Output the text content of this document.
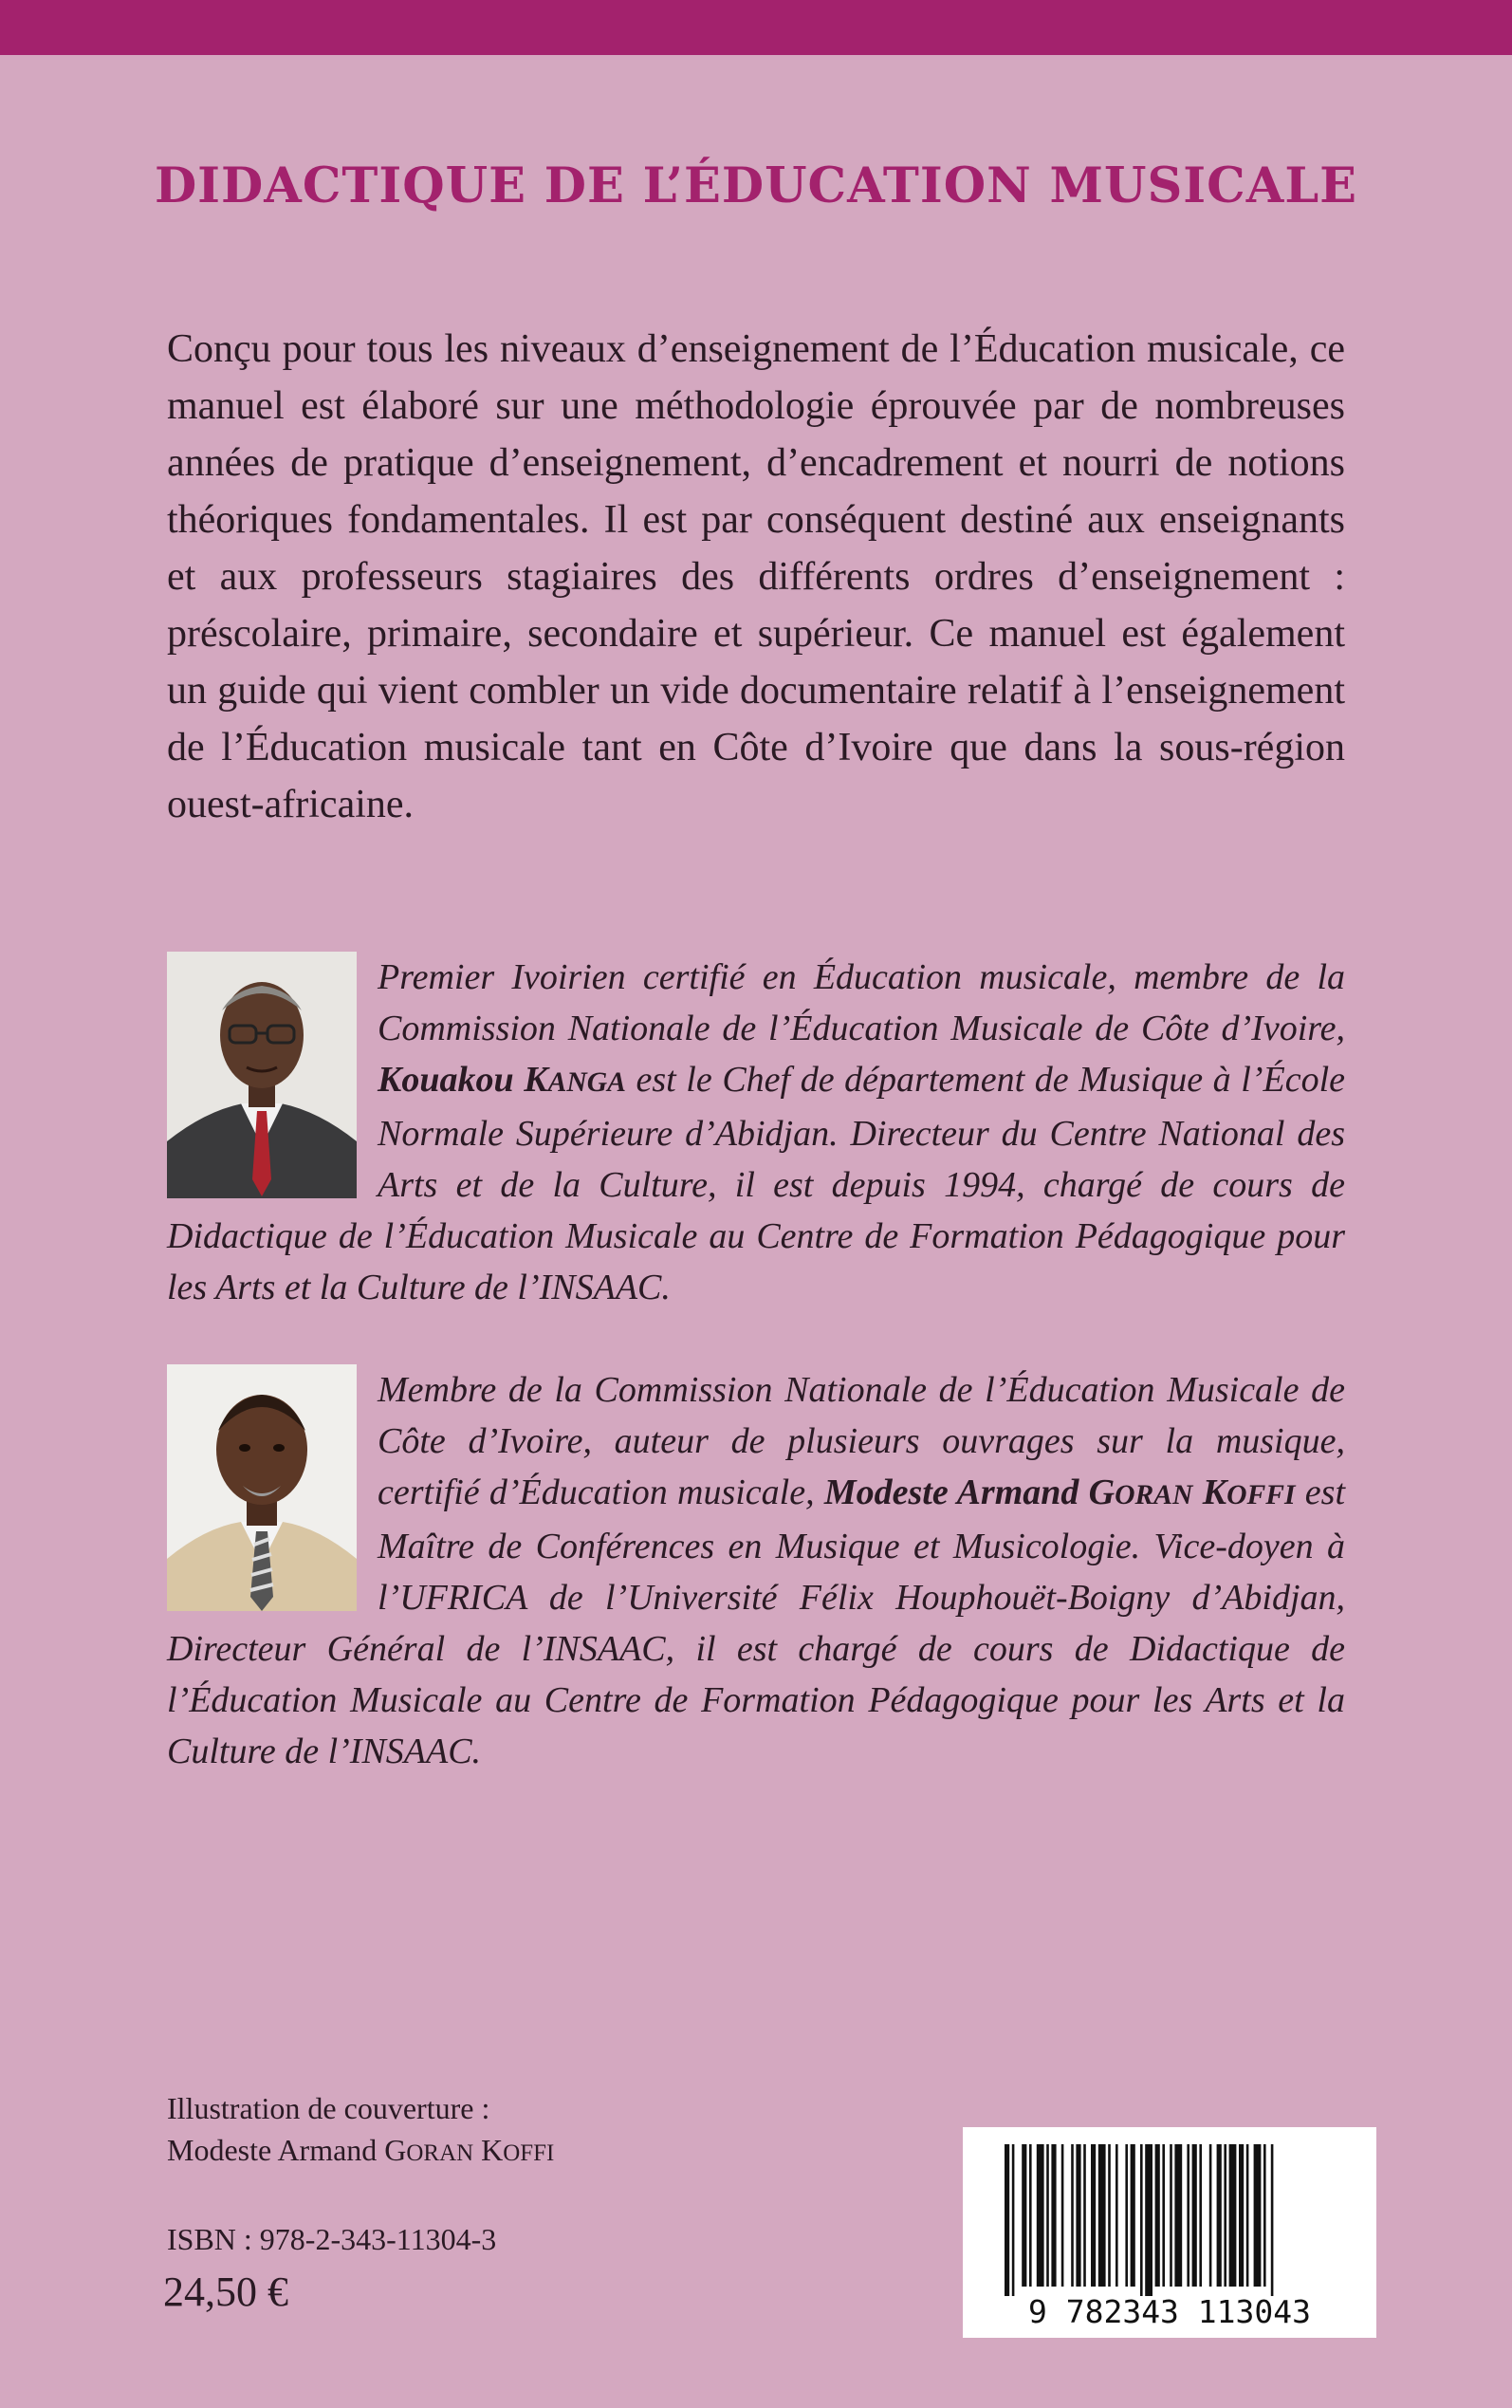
DIDACTIQUE DE L’ÉDUCATION MUSICALE

Conçu pour tous les niveaux d’enseignement de l’Éducation musicale, ce manuel est élaboré sur une méthodologie éprouvée par de nombreuses années de pratique d’enseignement, d’encadrement et nourri de notions théoriques fondamentales. Il est par conséquent destiné aux enseignants et aux professeurs stagiaires des différents ordres d’enseignement : préscolaire, primaire, secondaire et supérieur. Ce manuel est également un guide qui vient combler un vide documentaire relatif à l’enseignement de l’Éducation musicale tant en Côte d’Ivoire que dans la sous-région ouest-africaine.

Premier Ivoirien certifié en Éducation musicale, membre de la Commission Nationale de l’Éducation Musicale de Côte d’Ivoire, Kouakou KANGA est le Chef de département de Musique à l’École Normale Supérieure d’Abidjan. Directeur du Centre National des Arts et de la Culture, il est depuis 1994, chargé de cours de Didactique de l’Éducation Musicale au Centre de Formation Pédagogique pour les Arts et la Culture de l’INSAAC.

Membre de la Commission Nationale de l’Éducation Musicale de Côte d’Ivoire, auteur de plusieurs ouvrages sur la musique, certifié d’Éducation musicale, Modeste Armand GORAN KOFFI est Maître de Conférences en Musique et Musicologie. Vice-doyen à l’UFRICA de l’Université Félix Houphouët-Boigny d’Abidjan, Directeur Général de l’INSAAC, il est chargé de cours de Didactique de l’Éducation Musicale au Centre de Formation Pédagogique pour les Arts et la Culture de l’INSAAC.

Illustration de couverture :
Modeste Armand GORAN KOFFI
ISBN : 978-2-343-11304-3
24,50 €	9 782343 113043
